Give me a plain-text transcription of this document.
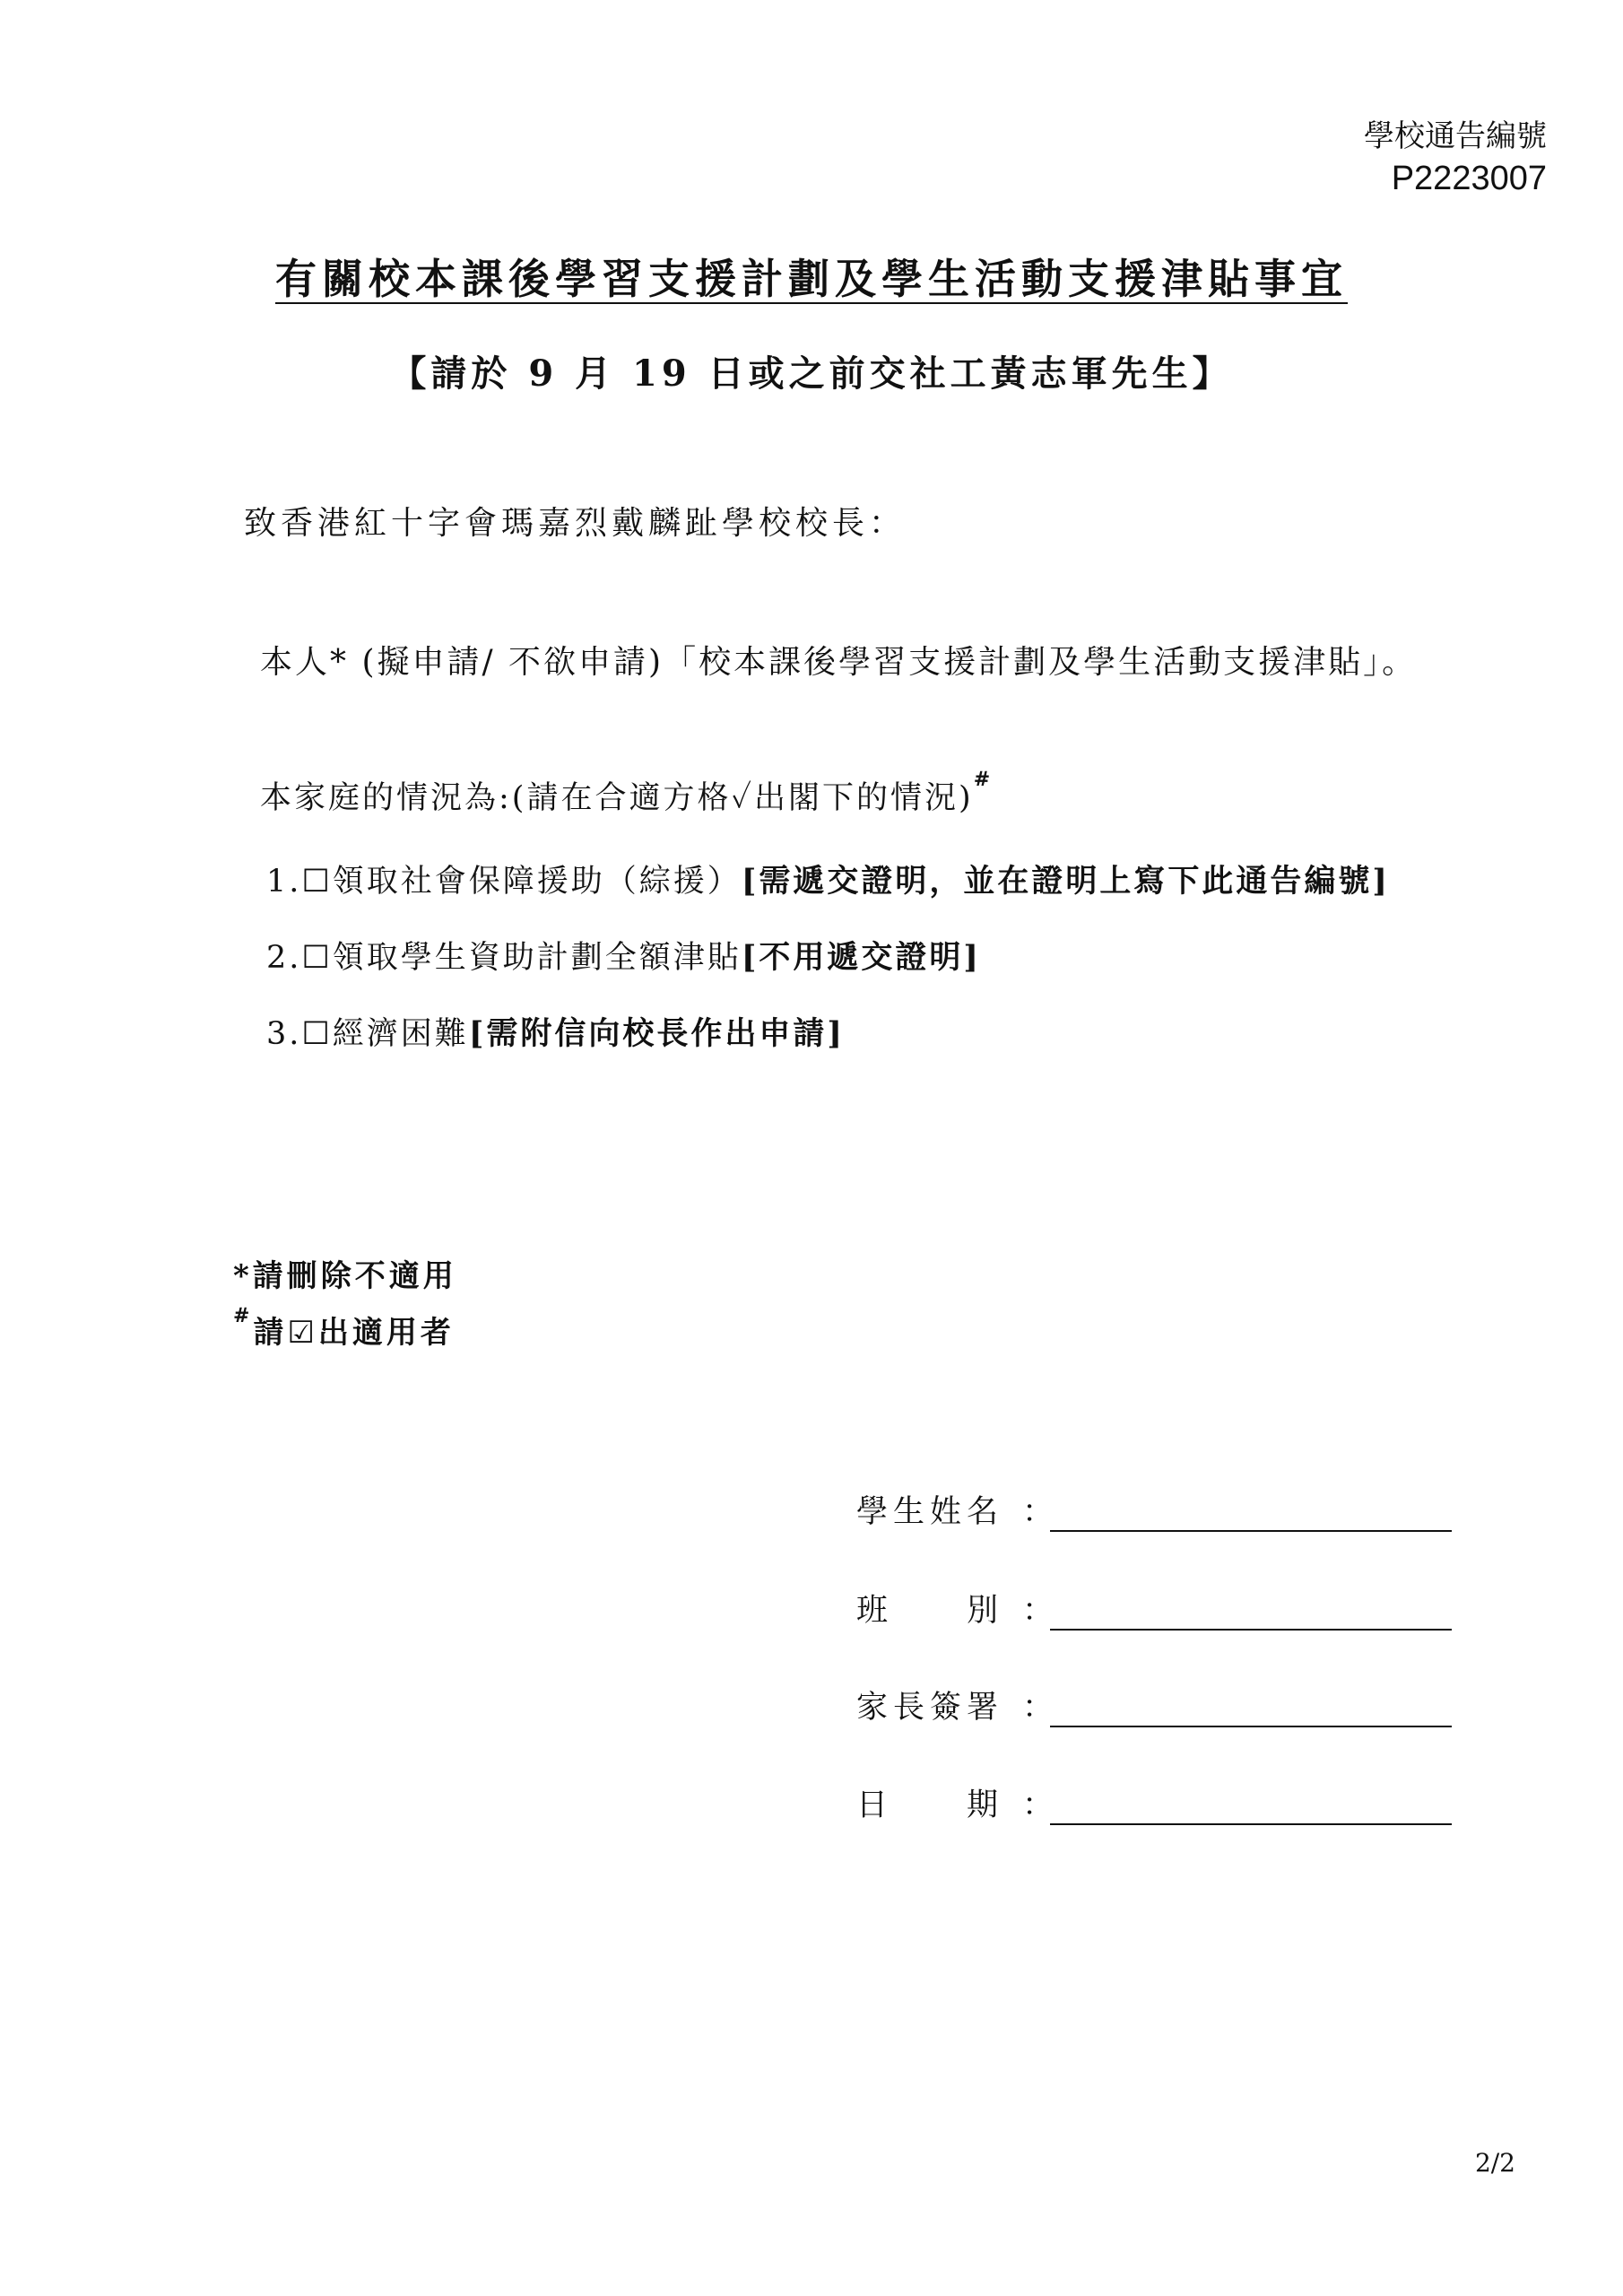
學校通告編號
P2223007
有關校本課後學習支援計劃及學生活動支援津貼事宜
【請於 9 月 19 日或之前交社工黃志軍先生】
致香港紅十字會瑪嘉烈戴麟趾學校校長：
本人* (擬申請/ 不欲申請)「校本課後學習支援計劃及學生活動支援津貼」。
本家庭的情況為:(請在合適方格✓出閣下的情況)#
1.☐領取社會保障援助（綜援）[需遞交證明，並在證明上寫下此通告編號]
2.☐領取學生資助計劃全額津貼[不用遞交證明]
3.☐經濟困難[需附信向校長作出申請]
*請刪除不適用
#請☑出適用者
學生姓名 ：
班　　別 ：
家長簽署 ：
日　　期 ：
2/2
